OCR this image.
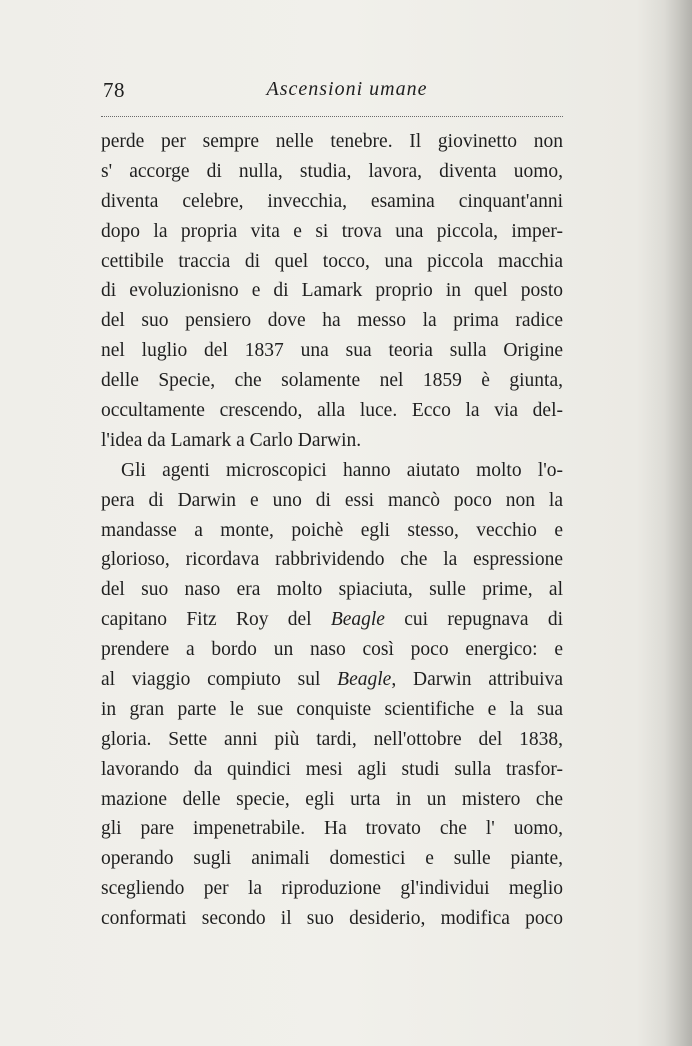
78	Ascensioni umane
perde per sempre nelle tenebre. Il giovinetto non
s' accorge di nulla, studia, lavora, diventa uomo,
diventa celebre, invecchia, esamina cinquant'anni
dopo la propria vita e si trova una piccola, imper-
cettibile traccia di quel tocco, una piccola macchia
di evoluzionisno e di Lamark proprio in quel posto
del suo pensiero dove ha messo la prima radice
nel luglio del 1837 una sua teoria sulla Origine
delle Specie, che solamente nel 1859 è giunta,
occultamente crescendo, alla luce. Ecco la via del-
l'idea da Lamark a Carlo Darwin.
Gli agenti microscopici hanno aiutato molto l'o-
pera di Darwin e uno di essi mancò poco non la
mandasse a monte, poichè egli stesso, vecchio e
glorioso, ricordava rabbrividendo che la espressione
del suo naso era molto spiaciuta, sulle prime, al
capitano Fitz Roy del Beagle cui repugnava di
prendere a bordo un naso così poco energico: e
al viaggio compiuto sul Beagle, Darwin attribuiva
in gran parte le sue conquiste scientifiche e la sua
gloria. Sette anni più tardi, nell'ottobre del 1838,
lavorando da quindici mesi agli studi sulla trasfor-
mazione delle specie, egli urta in un mistero che
gli pare impenetrabile. Ha trovato che l' uomo,
operando sugli animali domestici e sulle piante,
scegliendo per la riproduzione gl'individui meglio
conformati secondo il suo desiderio, modifica poco
